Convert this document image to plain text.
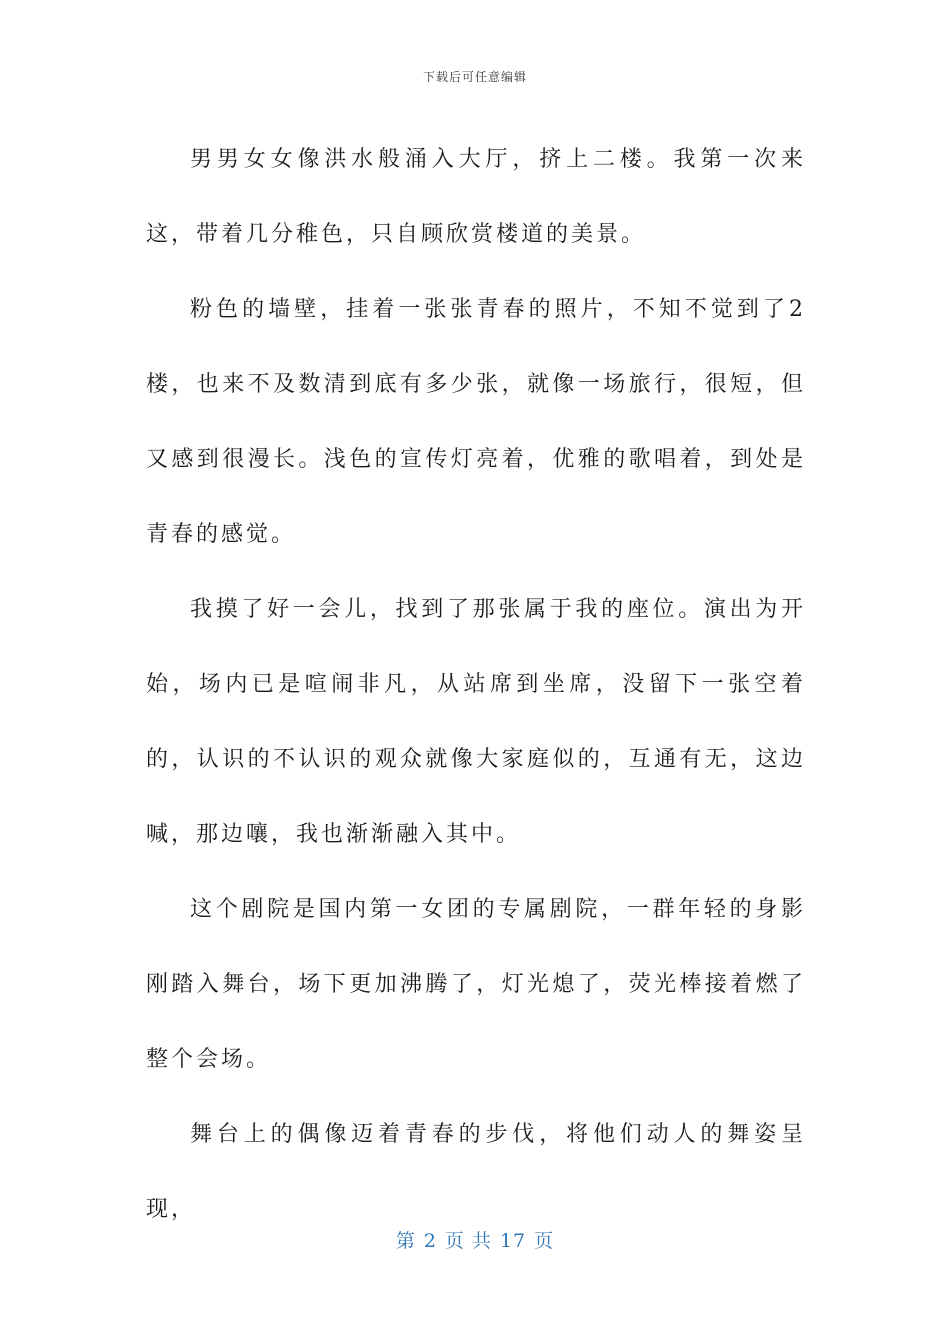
下载后可任意编辑

男男女女像洪水般涌入大厅，挤上二楼。我第一次来这，带着几分稚色，只自顾欣赏楼道的美景。

粉色的墙壁，挂着一张张青春的照片，不知不觉到了2楼，也来不及数清到底有多少张，就像一场旅行，很短，但又感到很漫长。浅色的宣传灯亮着，优雅的歌唱着，到处是青春的感觉。

我摸了好一会儿，找到了那张属于我的座位。演出为开始，场内已是喧闹非凡，从站席到坐席，没留下一张空着的，认识的不认识的观众就像大家庭似的，互通有无，这边喊，那边嚷，我也渐渐融入其中。

这个剧院是国内第一女团的专属剧院，一群年轻的身影刚踏入舞台，场下更加沸腾了，灯光熄了，荧光棒接着燃了整个会场。

舞台上的偶像迈着青春的步伐，将他们动人的舞姿呈现，

第 2 页 共 17 页
